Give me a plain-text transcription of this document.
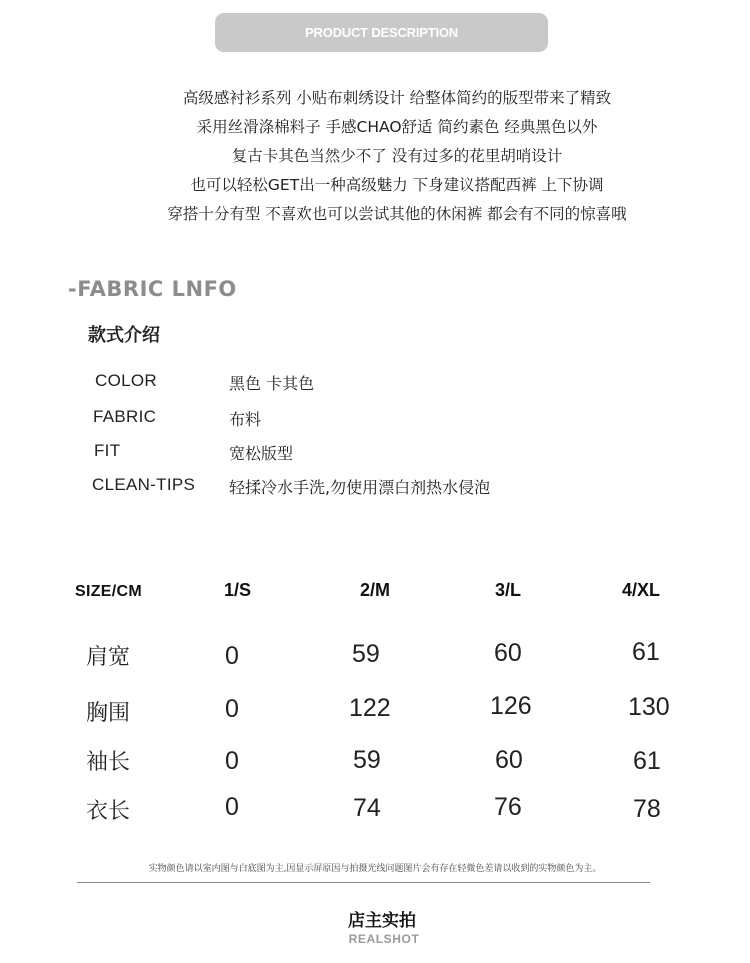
PRODUCT DESCRIPTION
高级感衬衫系列 小贴布刺绣设计 给整体简约的版型带来了精致
采用丝滑涤棉料子 手感CHAO舒适 简约素色 经典黑色以外
复古卡其色当然少不了 没有过多的花里胡哨设计
也可以轻松GET出一种高级魅力 下身建议搭配西裤 上下协调
穿搭十分有型 不喜欢也可以尝试其他的休闲裤 都会有不同的惊喜哦
-FABRIC LNFO
款式介绍
COLOR	黑色 卡其色
FABRIC	布料
FIT	宽松版型
CLEAN-TIPS 轻揉冷水手洗,勿使用漂白剂热水侵泡
SIZE/CM	1/S	2/M	3/L	4/XL
肩宽	0	59	60	61
胸围	0	122	126	130
袖长	0	59	60	61
衣长	0	74	76	78
实物颜色请以室内图与白底图为主,因显示屏原因与拍摄光线问题图片会有存在轻微色差请以收到的实物颜色为主。
店主实拍
REALSHOT
